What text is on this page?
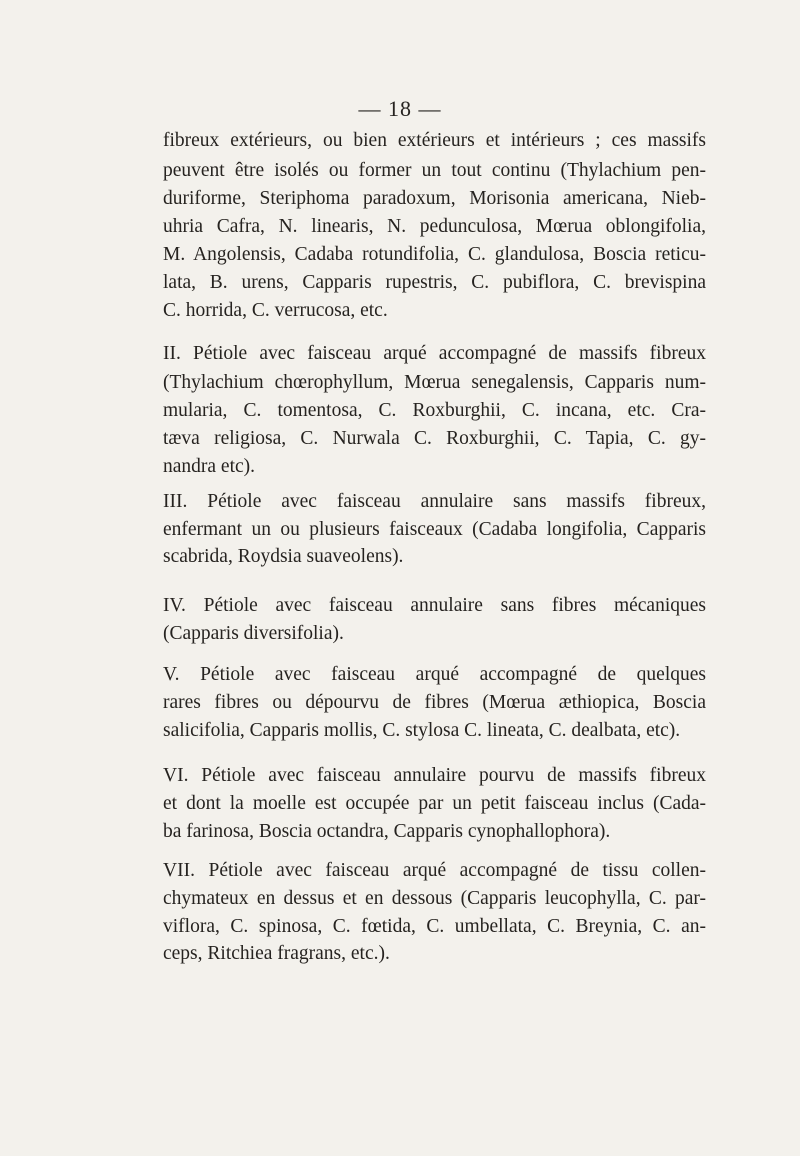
— 18 —
fibreux extérieurs, ou bien extérieurs et intérieurs ; ces massifs
peuvent être isolés ou former un tout continu (Thylachium pen-
duriforme, Steriphoma paradoxum, Morisonia americana, Nieb-
uhria Cafra, N. linearis, N. pedunculosa, Mœrua oblongifolia,
M. Angolensis, Cadaba rotundifolia, C. glandulosa, Boscia reticu-
lata, B. urens, Capparis rupestris, C. pubiflora, C. brevispina
C. horrida, C. verrucosa, etc.
II. Pétiole avec faisceau arqué accompagné de massifs fibreux
(Thylachium chœrophyllum, Mœrua senegalensis, Capparis num-
mularia, C. tomentosa, C. Roxburghii, C. incana, etc. Cra-
tæva religiosa, C. Nurwala C. Roxburghii, C. Tapia, C. gy-
nandra etc).
III. Pétiole avec faisceau annulaire sans massifs fibreux,
enfermant un ou plusieurs faisceaux (Cadaba longifolia, Capparis
scabrida, Roydsia suaveolens).
IV. Pétiole avec faisceau annulaire sans fibres mécaniques
(Capparis diversifolia).
V. Pétiole avec faisceau arqué accompagné de quelques
rares fibres ou dépourvu de fibres (Mœrua æthiopica, Boscia
salicifolia, Capparis mollis, C. stylosa C. lineata, C. dealbata, etc).
VI. Pétiole avec faisceau annulaire pourvu de massifs fibreux
et dont la moelle est occupée par un petit faisceau inclus (Cada-
ba farinosa, Boscia octandra, Capparis cynophallophora).
VII. Pétiole avec faisceau arqué accompagné de tissu collen-
chymateux en dessus et en dessous (Capparis leucophylla, C. par-
viflora, C. spinosa, C. fœtida, C. umbellata, C. Breynia, C. an-
ceps, Ritchiea fragrans, etc.).
